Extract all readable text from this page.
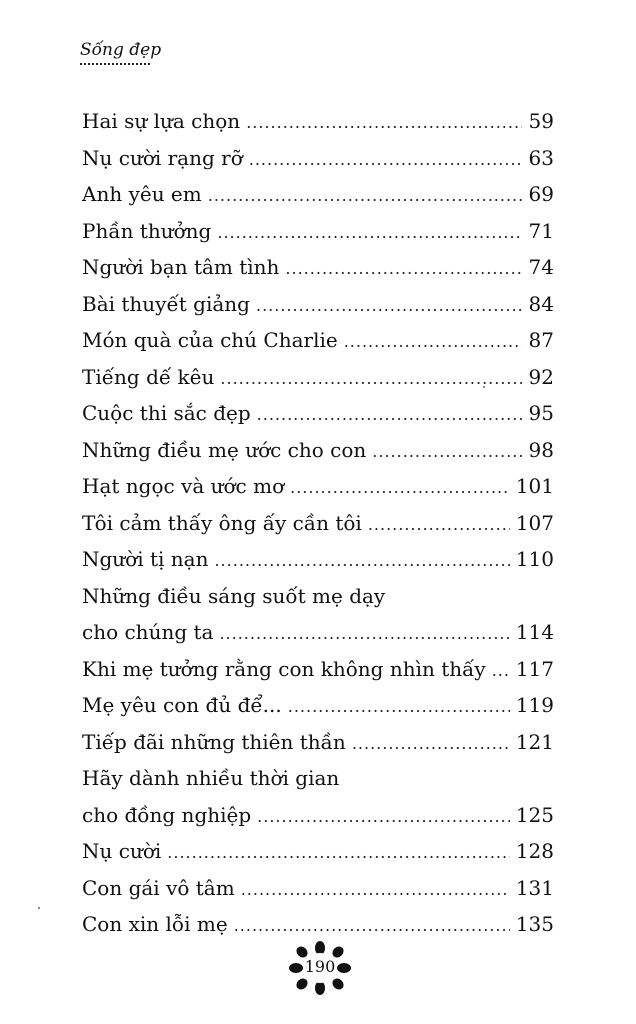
Sống đẹp
Hai sự lựa chọn .....	59
Nụ cười rạng rỡ .....	63
Anh yêu em .....	69
Phần thưởng .....	71
Người bạn tâm tình .....	74
Bài thuyết giảng .....	84
Món quà của chú Charlie .....	87
Tiếng dế kêu .....	92
Cuộc thi sắc đẹp .....	95
Những điều mẹ ước cho con .....	98
Hạt ngọc và ước mơ .....	101
Tôi cảm thấy ông ấy cần tôi .....	107
Người tị nạn .....	110
Những điều sáng suốt mẹ dạy
cho chúng ta .....	114
Khi mẹ tưởng rằng con không nhìn thấy ..... 117
Mẹ yêu con đủ để... .....	119
Tiếp đãi những thiên thần .....	121
Hãy dành nhiều thời gian
cho đồng nghiệp .....	125
Nụ cười .....	128
Con gái vô tâm .....	131
Con xin lỗi mẹ .....	135
190
